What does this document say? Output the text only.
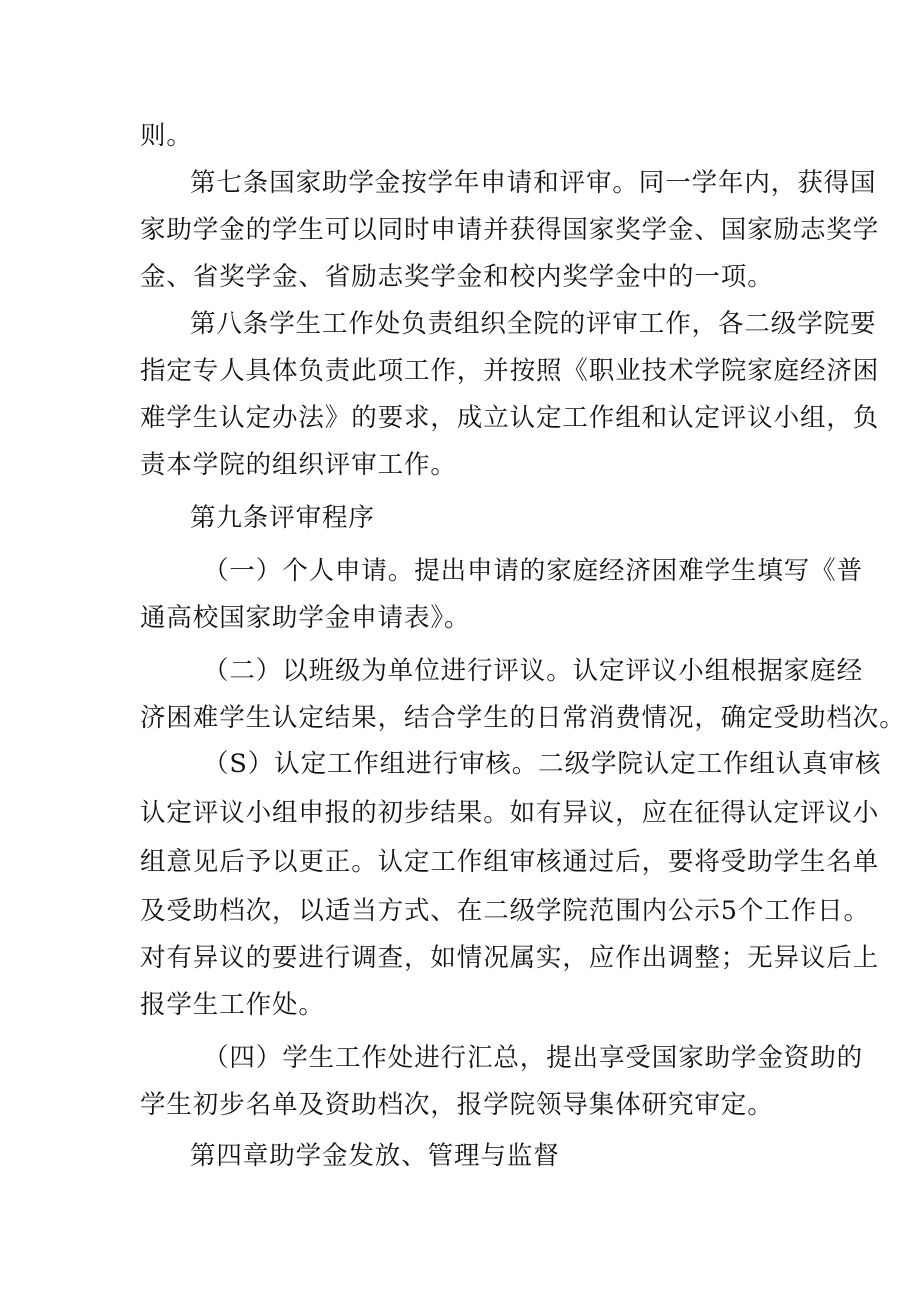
则。
第七条国家助学金按学年申请和评审。同一学年内，获得国
家助学金的学生可以同时申请并获得国家奖学金、国家励志奖学
金、省奖学金、省励志奖学金和校内奖学金中的一项。
第八条学生工作处负责组织全院的评审工作，各二级学院要
指定专人具体负责此项工作，并按照《职业技术学院家庭经济困
难学生认定办法》的要求，成立认定工作组和认定评议小组，负
责本学院的组织评审工作。
第九条评审程序
（一）个人申请。提出申请的家庭经济困难学生填写《普
通高校国家助学金申请表》。
（二）以班级为单位进行评议。认定评议小组根据家庭经
济困难学生认定结果，结合学生的日常消费情况，确定受助档次。
（S）认定工作组进行审核。二级学院认定工作组认真审核
认定评议小组申报的初步结果。如有异议，应在征得认定评议小
组意见后予以更正。认定工作组审核通过后，要将受助学生名单
及受助档次，以适当方式、在二级学院范围内公示5个工作日。
对有异议的要进行调查，如情况属实，应作出调整；无异议后上
报学生工作处。
（四）学生工作处进行汇总，提出享受国家助学金资助的
学生初步名单及资助档次，报学院领导集体研究审定。
第四章助学金发放、管理与监督
